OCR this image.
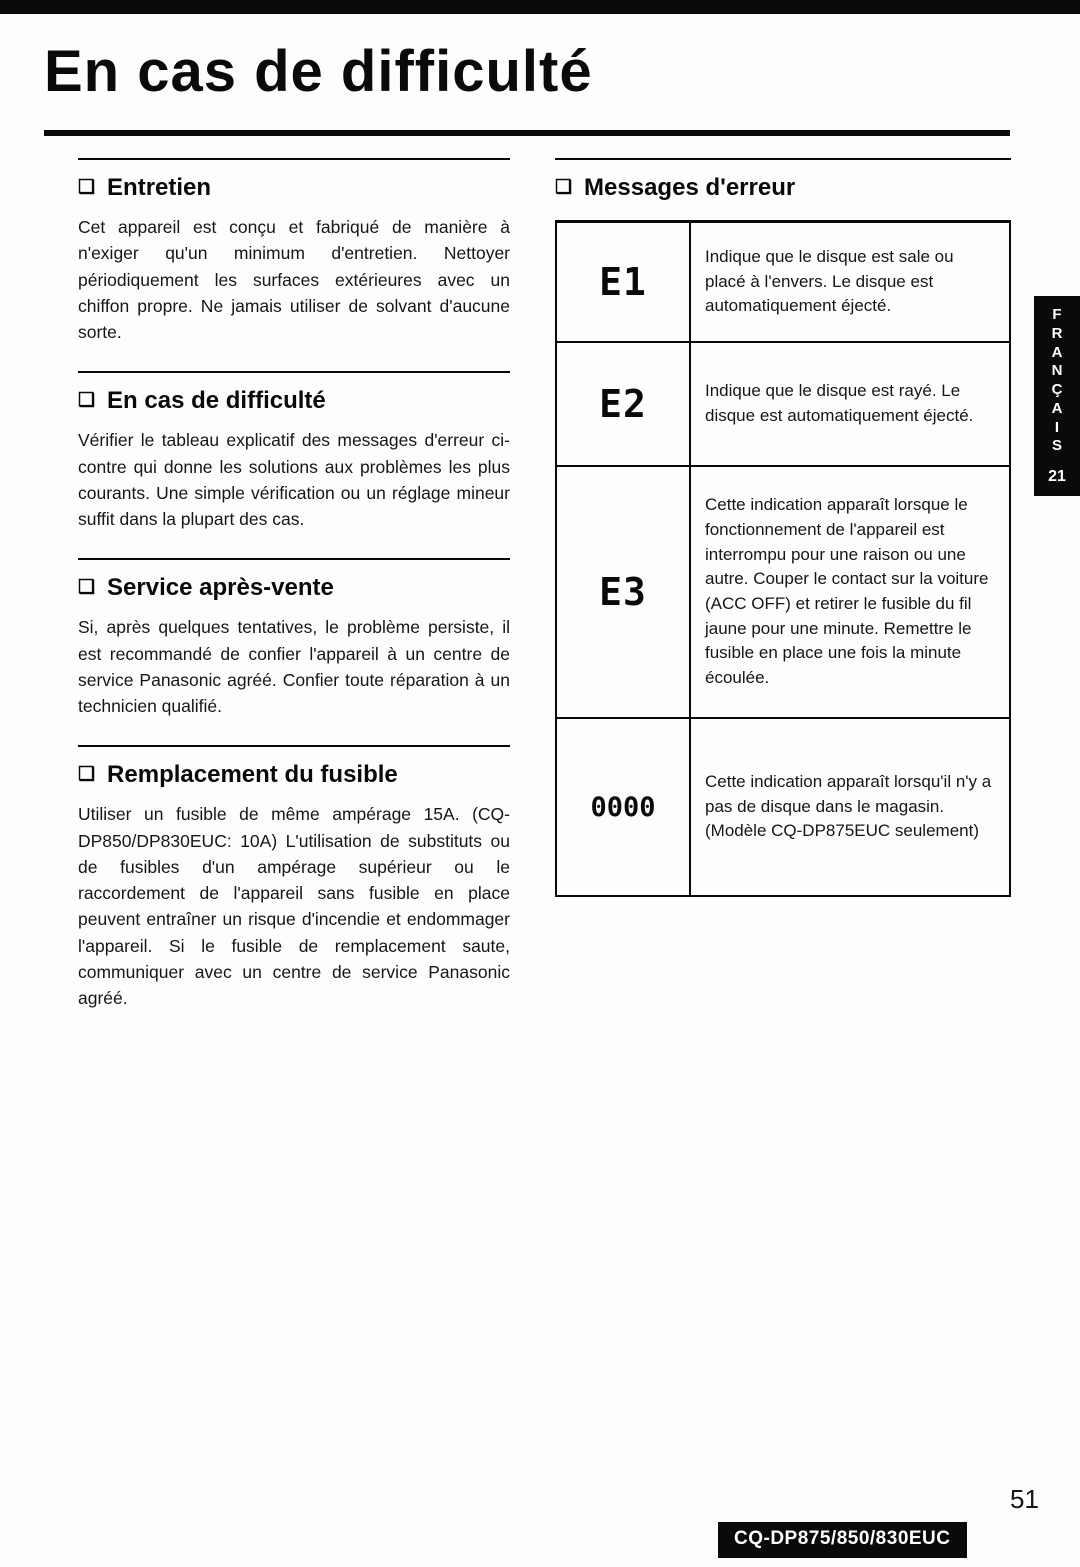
En cas de difficulté
❑ Entretien
Cet appareil est conçu et fabriqué de manière à n'exiger qu'un minimum d'entretien. Nettoyer périodiquement les surfaces extérieures avec un chiffon propre. Ne jamais utiliser de solvant d'aucune sorte.
❑ En cas de difficulté
Vérifier le tableau explicatif des messages d'erreur ci-contre qui donne les solutions aux problèmes les plus courants. Une simple vérification ou un réglage mineur suffit dans la plupart des cas.
❑ Service après-vente
Si, après quelques tentatives, le problème persiste, il est recommandé de confier l'appareil à un centre de service Panasonic agréé. Confier toute réparation à un technicien qualifié.
❑ Remplacement du fusible
Utiliser un fusible de même ampérage 15A. (CQ-DP850/DP830EUC: 10A) L'utilisation de substituts ou de fusibles d'un ampérage supérieur ou le raccordement de l'appareil sans fusible en place peuvent entraîner un risque d'incendie et endommager l'appareil. Si le fusible de remplacement saute, communiquer avec un centre de service Panasonic agréé.
❑ Messages d'erreur
E1
Indique que le disque est sale ou placé à l'envers. Le disque est automatiquement éjecté.
E2	Indique que le disque est rayé. Le disque est automatiquement éjecté.
E3
Cette indication apparaît lorsque le fonctionnement de l'appareil est interrompu pour une raison ou une autre. Couper le contact sur la voiture (ACC OFF) et retirer le fusible du fil jaune pour une minute. Remettre le fusible en place une fois la minute écoulée.
0000
Cette indication apparaît lorsqu'il n'y a pas de disque dans le magasin. (Modèle CQ-DP875EUC seulement)
F
R
A
N
Ç
A
I
S
21
51
CQ-DP875/850/830EUC
